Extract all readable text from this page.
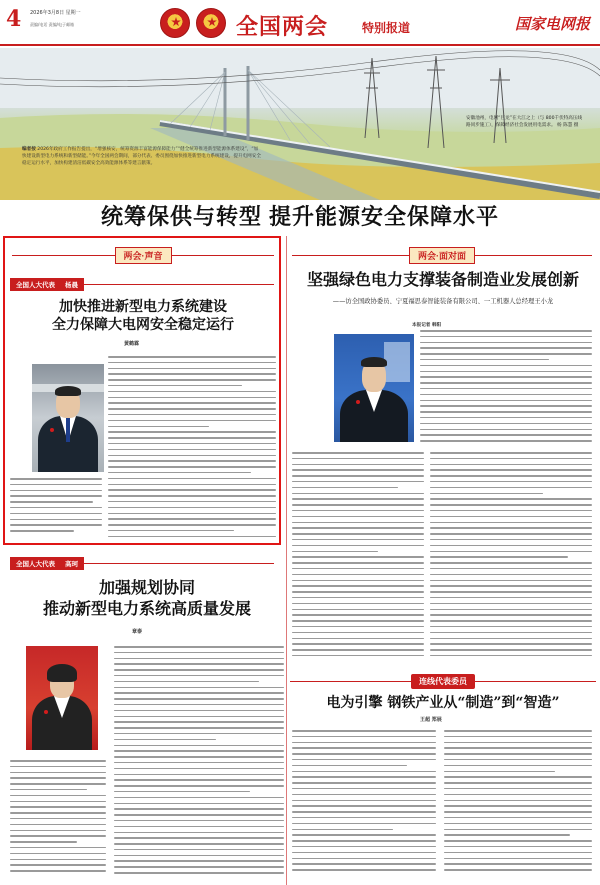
4 2026年3月8日 星期一
责编/电话 责编/电子邮箱	全国两会	特别报道	国家电网报
编者按 2026年政府工作报告提出，“增强核安，统筹资源丰富能源保障能力”“健全统筹推进新型能源体系建设”，“加快建设新型电力系统和新型储能。”今年全国两会期间，部分代表、委员围绕加快推进新型电力系统建设，提升电网安全稳定运行水平，加快构建清洁低碳安全高效能源体系等建言献策。
安徽池州，电网“巨龙”在大江之上（与 800千伏特高压线路同步施工），保障经济社会发展用电需求。 杨 陈慧 摄
统筹保供与转型 提升能源安全保障水平
两会·声音
全国人大代表 杨晨
加快推进新型电力系统建设
全力保障大电网安全稳定运行
黄鹤霖
全国人大代表 高珂
加强规划协同
推动新型电力系统高质量发展
章泰
两会·面对面
坚强绿色电力支撑装备制造业发展创新
——访全国政协委员、宁夏福思泰智能装备有限公司、一工机器人总经理王小龙
本报记者 韩阳
连线代表委员
电为引擎 钢铁产业从“制造”到“智造”
王超 郑展
